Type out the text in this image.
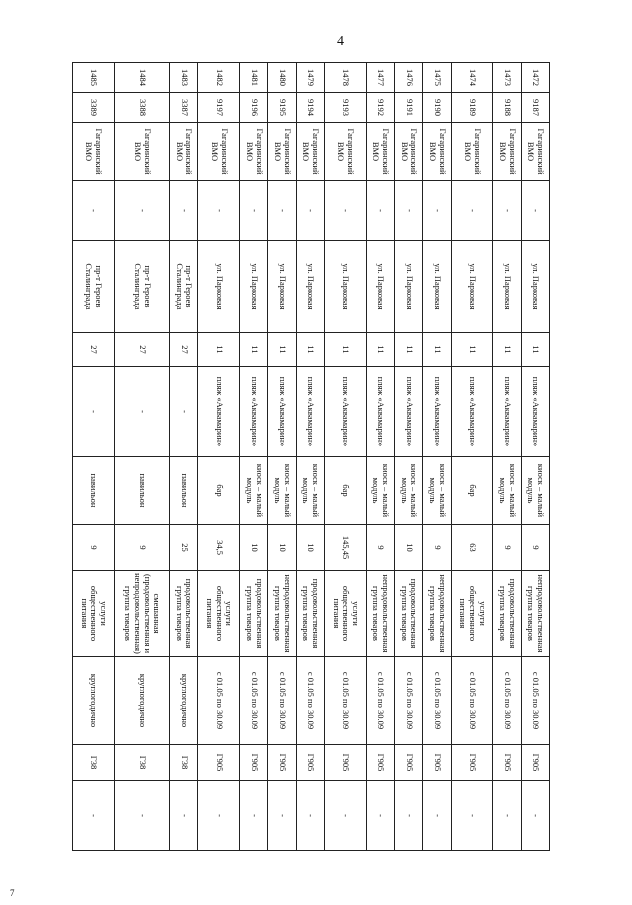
4
7
1472	9187	Гагаринский ВМО	-	ул. Парковая	11	пляж «Аквамарин»	киоск – малый модуль	9	непродовольственная группа товаров	с 01.05 по 30.09	Г905	-
1473	9188	Гагаринский ВМО	-	ул. Парковая	11	пляж «Аквамарин»	киоск – малый модуль	9	продовольственная группа товаров	с 01.05 по 30.09	Г905	-
1474	9189	Гагаринский ВМО	-	ул. Парковая	11	пляж «Аквамарин»	бар	63	услуги общественного питания	с 01.05 по 30.09	Г905	-
1475	9190	Гагаринский ВМО	-	ул. Парковая	11	пляж «Аквамарин»	киоск – малый модуль	9	непродовольственная группа товаров	с 01.05 по 30.09	Г905	-
1476	9191	Гагаринский ВМО	-	ул. Парковая	11	пляж «Аквамарин»	киоск – малый модуль	10	продовольственная группа товаров	с 01.05 по 30.09	Г905	-
1477	9192	Гагаринский ВМО	-	ул. Парковая	11	пляж «Аквамарин»	киоск – малый модуль	9	непродовольственная группа товаров	с 01.05 по 30.09	Г905	-
1478	9193	Гагаринский ВМО	-	ул. Парковая	11	пляж «Аквамарин»	бар	145,45	услуги общественного питания	с 01.05 по 30.09	Г905	-
1479	9194	Гагаринский ВМО	-	ул. Парковая	11	пляж «Аквамарин»	киоск – малый модуль	10	продовольственная группа товаров	с 01.05 по 30.09	Г905	-
1480	9195	Гагаринский ВМО	-	ул. Парковая	11	пляж «Аквамарин»	киоск – малый модуль	10	непродовольственная группа товаров	с 01.05 по 30.09	Г905	-
1481	9196	Гагаринский ВМО	-	ул. Парковая	11	пляж «Аквамарин»	киоск – малый модуль	10	продовольственная группа товаров	с 01.05 по 30.09	Г905	-
1482	9197	Гагаринский ВМО	-	ул. Парковая	11	пляж «Аквамарин»	бар	34,5	услуги общественного питания	с 01.05 по 30.09	Г905	-
1483	3387	Гагаринский ВМО	-	пр-т Героев Сталинграда	27	-	павильон	25	продовольственная группа товаров	круглогодично	Г38	-
1484	3388	Гагаринский ВМО	-	пр-т Героев Сталинграда	27	-	павильон	9	смешанная (продовольственная и непродовольственная) группа товаров	круглогодично	Г38	-
1485	3389	Гагаринский ВМО	-	пр-т Героев Сталинграда	27	-	павильон	9	услуги общественного питания	круглогодично	Г38	-
